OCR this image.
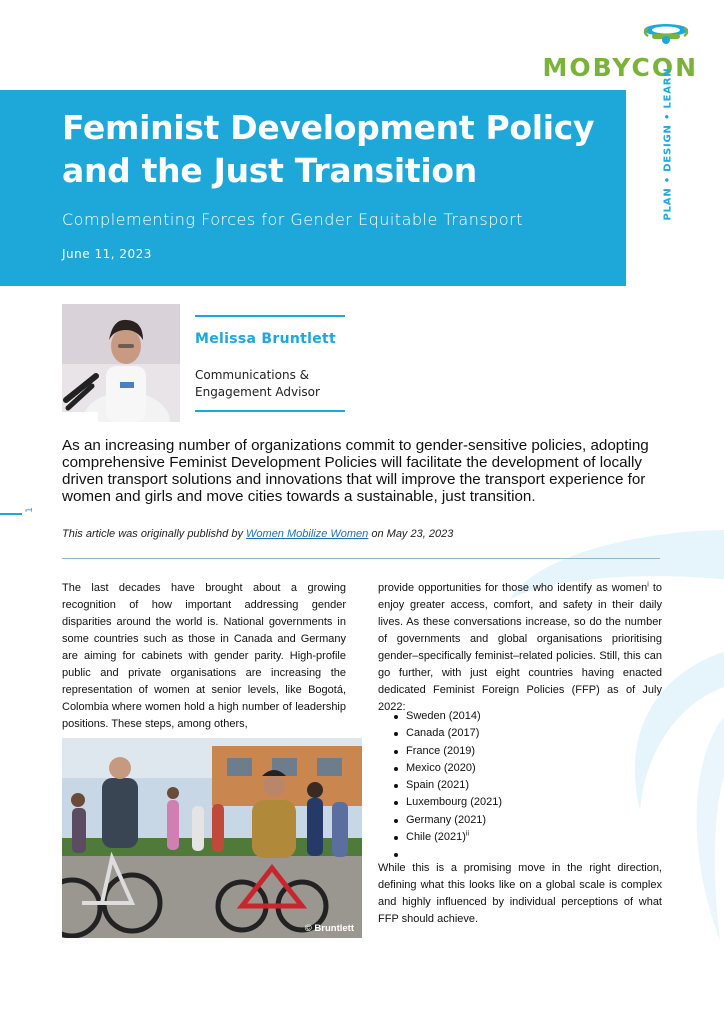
MOBYCON
PLAN • DESIGN • LEARN
Feminist Development Policy and the Just Transition
Complementing Forces for Gender Equitable Transport
June 11, 2023
Melissa Bruntlett
Communications & Engagement Advisor
As an increasing number of organizations commit to gender-sensitive policies, adopting comprehensive Feminist Development Policies will facilitate the development of locally driven transport solutions and innovations that will improve the transport experience for women and girls and move cities towards a sustainable, just transition.
1
This article was originally publishd by Women Mobilize Women on May 23, 2023
The last decades have brought about a growing recognition of how important addressing gender disparities around the world is. National governments in some countries such as those in Canada and Germany are aiming for cabinets with gender parity. High-profile public and private organisations are increasing the representation of women at senior levels, like Bogotá, Colombia where women hold a high number of leadership positions. These steps, among others,
© Bruntlett
provide opportunities for those who identify as women$^i$ to enjoy greater access, comfort, and safety in their daily lives. As these conversations increase, so do the number of governments and global organisations prioritising gender–specifically feminist–related policies. Still, this can go further, with just eight countries having enacted dedicated Feminist Foreign Policies (FFP) as of July 2022:
Sweden (2014)
Canada (2017)
France (2019)
Mexico (2020)
Spain (2021)
Luxembourg (2021)
Germany (2021)
Chile $(2021)^{ii}$
While this is a promising move in the right direction, defining what this looks like on a global scale is complex and highly influenced by individual perceptions of what FFP should achieve.
